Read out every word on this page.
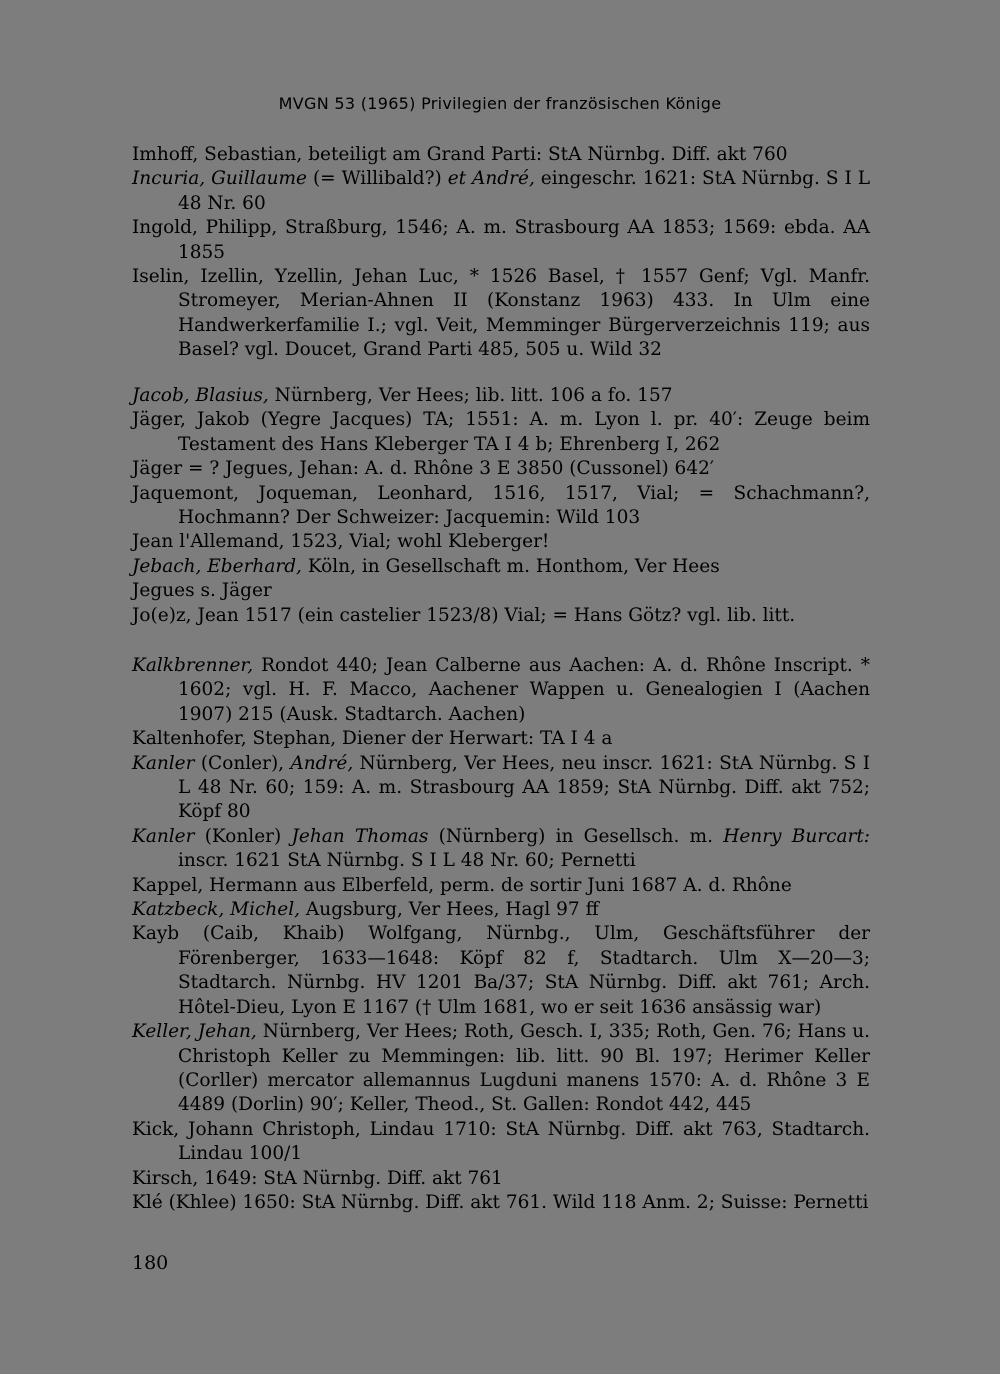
MVGN 53 (1965) Privilegien der französischen Könige
Imhoff, Sebastian, beteiligt am Grand Parti: StA Nürnbg. Diff. akt 760
Incuria, Guillaume (= Willibald?) et André, eingeschr. 1621: StA Nürnbg. S I L 48 Nr. 60
Ingold, Philipp, Straßburg, 1546; A. m. Strasbourg AA 1853; 1569: ebda. AA 1855
Iselin, Izellin, Yzellin, Jehan Luc, * 1526 Basel, † 1557 Genf; Vgl. Manfr. Stromeyer, Merian-Ahnen II (Konstanz 1963) 433. In Ulm eine Handwerkerfamilie I.; vgl. Veit, Memminger Bürgerverzeichnis 119; aus Basel? vgl. Doucet, Grand Parti 485, 505 u. Wild 32
Jacob, Blasius, Nürnberg, Ver Hees; lib. litt. 106 a fo. 157
Jäger, Jakob (Yegre Jacques) TA; 1551: A. m. Lyon l. pr. 40′: Zeuge beim Testament des Hans Kleberger TA I 4 b; Ehrenberg I, 262
Jäger = ? Jegues, Jehan: A. d. Rhône 3 E 3850 (Cussonel) 642′
Jaquemont, Joqueman, Leonhard, 1516, 1517, Vial; = Schachmann?, Hochmann? Der Schweizer: Jacquemin: Wild 103
Jean l'Allemand, 1523, Vial; wohl Kleberger!
Jebach, Eberhard, Köln, in Gesellschaft m. Honthom, Ver Hees
Jegues s. Jäger
Jo(e)z, Jean 1517 (ein castelier 1523/8) Vial; = Hans Götz? vgl. lib. litt.
Kalkbrenner, Rondot 440; Jean Calberne aus Aachen: A. d. Rhône Inscript. * 1602; vgl. H. F. Macco, Aachener Wappen u. Genealogien I (Aachen 1907) 215 (Ausk. Stadtarch. Aachen)
Kaltenhofer, Stephan, Diener der Herwart: TA I 4 a
Kanler (Conler), André, Nürnberg, Ver Hees, neu inscr. 1621: StA Nürnbg. S I L 48 Nr. 60; 159: A. m. Strasbourg AA 1859; StA Nürnbg. Diff. akt 752; Köpf 80
Kanler (Konler) Jehan Thomas (Nürnberg) in Gesellsch. m. Henry Burcart: inscr. 1621 StA Nürnbg. S I L 48 Nr. 60; Pernetti
Kappel, Hermann aus Elberfeld, perm. de sortir Juni 1687 A. d. Rhône
Katzbeck, Michel, Augsburg, Ver Hees, Hagl 97 ff
Kayb (Caib, Khaib) Wolfgang, Nürnbg., Ulm, Geschäftsführer der Förenberger, 1633—1648: Köpf 82 f, Stadtarch. Ulm X—20—3; Stadtarch. Nürnbg. HV 1201 Ba/37; StA Nürnbg. Diff. akt 761; Arch. Hôtel-Dieu, Lyon E 1167 († Ulm 1681, wo er seit 1636 ansässig war)
Keller, Jehan, Nürnberg, Ver Hees; Roth, Gesch. I, 335; Roth, Gen. 76; Hans u. Christoph Keller zu Memmingen: lib. litt. 90 Bl. 197; Herimer Keller (Corller) mercator allemannus Lugduni manens 1570: A. d. Rhône 3 E 4489 (Dorlin) 90′; Keller, Theod., St. Gallen: Rondot 442, 445
Kick, Johann Christoph, Lindau 1710: StA Nürnbg. Diff. akt 763, Stadtarch. Lindau 100/1
Kirsch, 1649: StA Nürnbg. Diff. akt 761
Klé (Khlee) 1650: StA Nürnbg. Diff. akt 761. Wild 118 Anm. 2; Suisse: Pernetti
180
